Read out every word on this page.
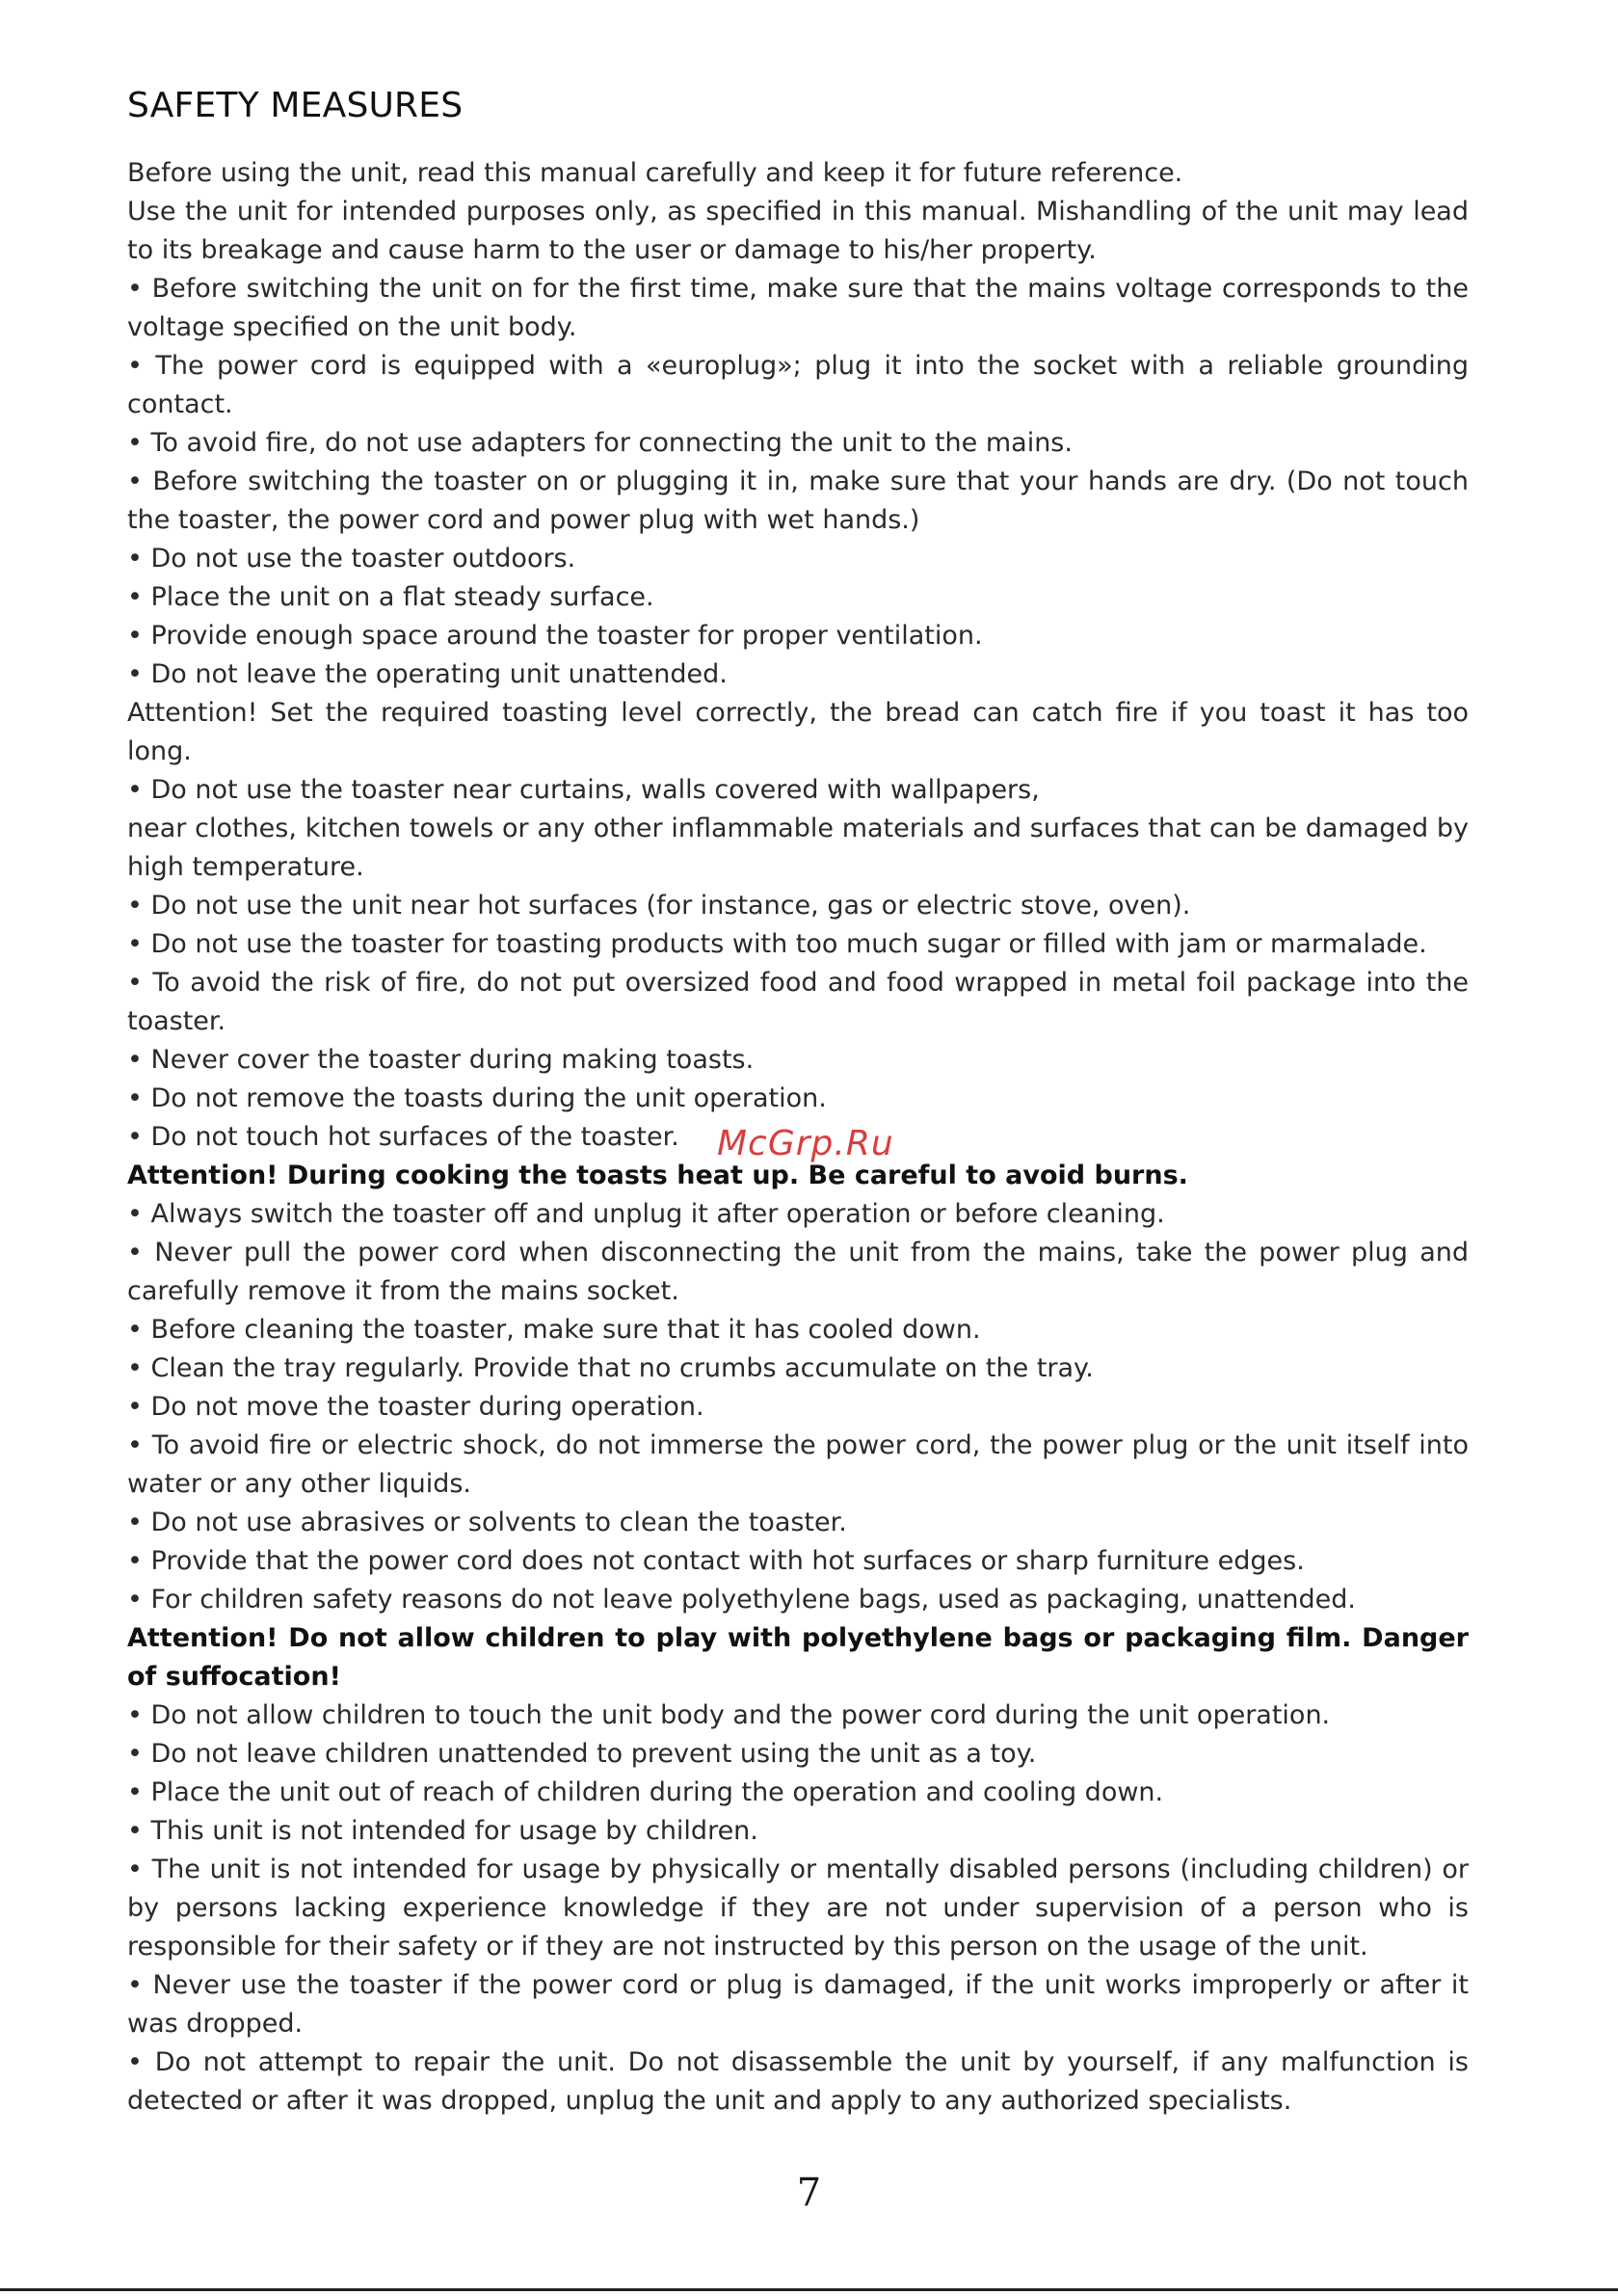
SAFETY MEASURES

Before using the unit, read this manual carefully and keep it for future reference.

Use the unit for intended purposes only, as specified in this manual. Mishandling of the unit may lead to its breakage and cause harm to the user or damage to his/her property.

• Before switching the unit on for the first time, make sure that the mains voltage corresponds to the voltage specified on the unit body.

• The power cord is equipped with a «europlug»; plug it into the socket with a reliable grounding contact.

• To avoid fire, do not use adapters for connecting the unit to the mains.

• Before switching the toaster on or plugging it in, make sure that your hands are dry. (Do not touch the toaster, the power cord and power plug with wet hands.)

• Do not use the toaster outdoors.

• Place the unit on a flat steady surface.

• Provide enough space around the toaster for proper ventilation.

• Do not leave the operating unit unattended.

Attention! Set the required toasting level correctly, the bread can catch fire if you toast it has too long.

• Do not use the toaster near curtains, walls covered with wallpapers,

near clothes, kitchen towels or any other inflammable materials and surfaces that can be damaged by high temperature.

• Do not use the unit near hot surfaces (for instance, gas or electric stove, oven).

• Do not use the toaster for toasting products with too much sugar or filled with jam or marmalade.

• To avoid the risk of fire, do not put oversized food and food wrapped in metal foil package into the toaster.

• Never cover the toaster during making toasts.

• Do not remove the toasts during the unit operation.

• Do not touch hot surfaces of the toaster.

Attention! During cooking the toasts heat up. Be careful to avoid burns.

• Always switch the toaster off and unplug it after operation or before cleaning.

• Never pull the power cord when disconnecting the unit from the mains, take the power plug and carefully remove it from the mains socket.

• Before cleaning the toaster, make sure that it has cooled down.

• Clean the tray regularly. Provide that no crumbs accumulate on the tray.

• Do not move the toaster during operation.

• To avoid fire or electric shock, do not immerse the power cord, the power plug or the unit itself into water or any other liquids.

• Do not use abrasives or solvents to clean the toaster.

• Provide that the power cord does not contact with hot surfaces or sharp furniture edges.

• For children safety reasons do not leave polyethylene bags, used as packaging, unattended.

Attention! Do not allow children to play with polyethylene bags or packaging film. Danger of suffocation!

• Do not allow children to touch the unit body and the power cord during the unit operation.

• Do not leave children unattended to prevent using the unit as a toy.

• Place the unit out of reach of children during the operation and cooling down.

• This unit is not intended for usage by children.

• The unit is not intended for usage by physically or mentally disabled persons (including children) or by persons lacking experience knowledge if they are not under supervision of a person who is responsible for their safety or if they are not instructed by this person on the usage of the unit.

• Never use the toaster if the power cord or plug is damaged, if the unit works improperly or after it was dropped.

• Do not attempt to repair the unit. Do not disassemble the unit by yourself, if any malfunction is detected or after it was dropped, unplug the unit and apply to any authorized specialists.

McGrp.Ru
7
